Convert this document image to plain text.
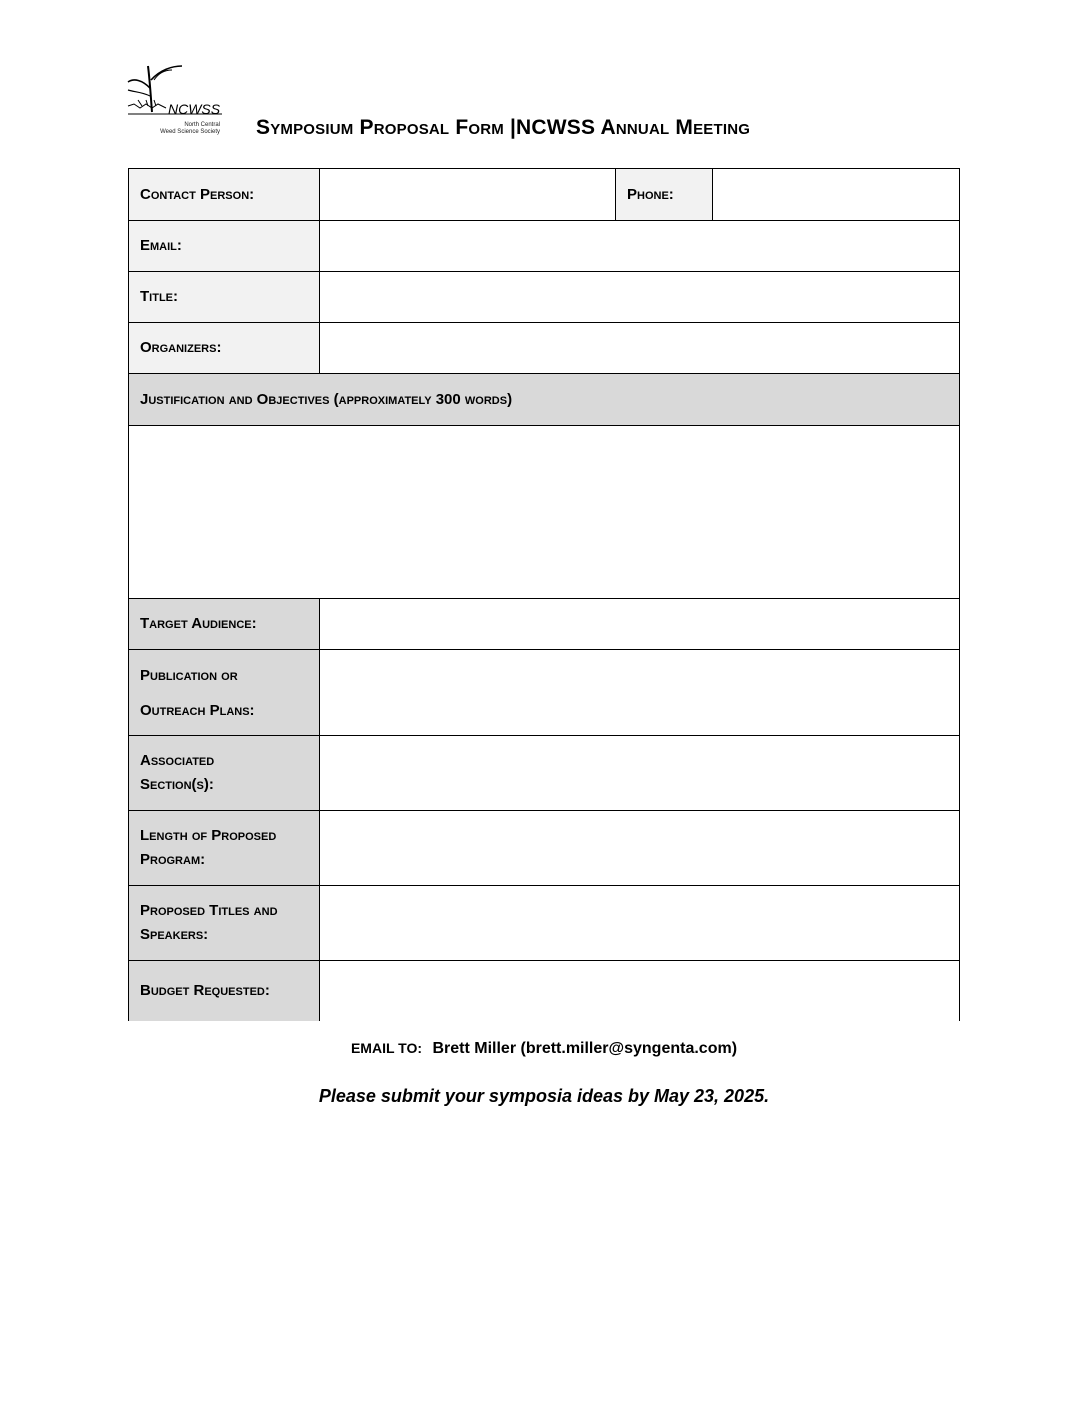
NCWSS
North Central
Weed Science Society Symposium Proposal Form |NCWSS Annual Meeting
Contact Person:	Phone:
Email:
Title:
Organizers:
Justification and Objectives (approximately 300 words)
Target Audience:
Publication or
Outreach Plans:
Associated
Section(s):
Length of Proposed
Program:
Proposed Titles and
Speakers:
Budget Requested:
EMAIL TO: Brett Miller (brett.miller@syngenta.com)
Please submit your symposia ideas by May 23, 2025.
